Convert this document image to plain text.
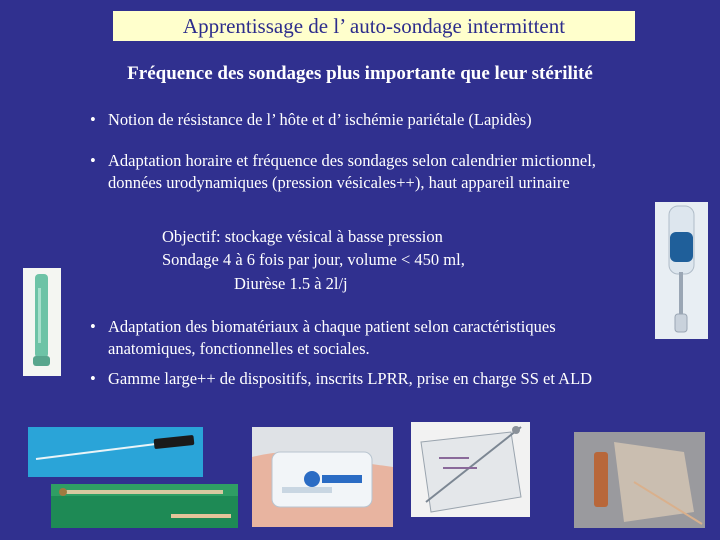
Apprentissage de l’ auto-sondage intermittent
Fréquence des sondages plus importante que leur stérilité
• Notion de résistance de l’ hôte et d’ ischémie pariétale (Lapidès)
• Adaptation horaire et fréquence des sondages selon calendrier mictionnel,
données urodynamiques (pression vésicales++), haut appareil urinaire
Objectif: stockage vésical à basse pression
Sondage 4 à 6 fois par jour, volume < 450 ml,
Diurèse 1.5 à 2l/j
• Adaptation des biomatériaux à chaque patient selon caractéristiques
anatomiques, fonctionnelles et sociales.
• Gamme large++ de dispositifs, inscrits LPRR, prise en charge SS et ALD
